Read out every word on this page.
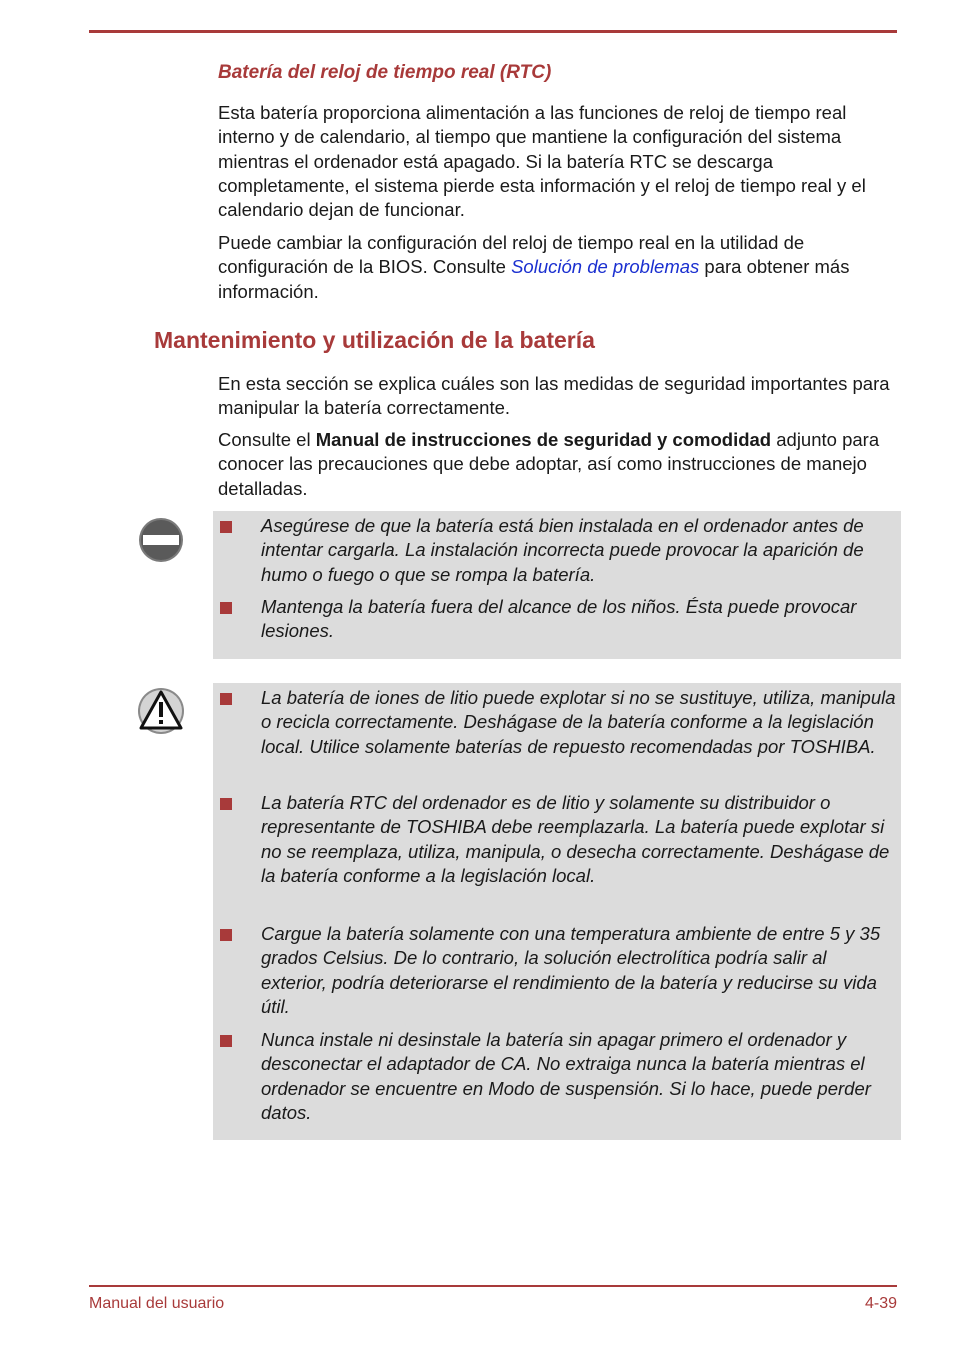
Batería del reloj de tiempo real (RTC)

Esta batería proporciona alimentación a las funciones de reloj de tiempo real interno y de calendario, al tiempo que mantiene la configuración del sistema mientras el ordenador está apagado. Si la batería RTC se descarga completamente, el sistema pierde esta información y el reloj de tiempo real y el calendario dejan de funcionar.

Puede cambiar la configuración del reloj de tiempo real en la utilidad de configuración de la BIOS. Consulte Solución de problemas para obtener más información.

Mantenimiento y utilización de la batería

En esta sección se explica cuáles son las medidas de seguridad importantes para manipular la batería correctamente.

Consulte el Manual de instrucciones de seguridad y comodidad adjunto para conocer las precauciones que debe adoptar, así como instrucciones de manejo detalladas.

Asegúrese de que la batería está bien instalada en el ordenador antes de intentar cargarla. La instalación incorrecta puede provocar la aparición de humo o fuego o que se rompa la batería.

Mantenga la batería fuera del alcance de los niños. Ésta puede provocar lesiones.

La batería de iones de litio puede explotar si no se sustituye, utiliza, manipula o recicla correctamente. Deshágase de la batería conforme a la legislación local. Utilice solamente baterías de repuesto recomendadas por TOSHIBA.

La batería RTC del ordenador es de litio y solamente su distribuidor o representante de TOSHIBA debe reemplazarla. La batería puede explotar si no se reemplaza, utiliza, manipula, o desecha correctamente. Deshágase de la batería conforme a la legislación local.

Cargue la batería solamente con una temperatura ambiente de entre 5 y 35 grados Celsius. De lo contrario, la solución electrolítica podría salir al exterior, podría deteriorarse el rendimiento de la batería y reducirse su vida útil.

Nunca instale ni desinstale la batería sin apagar primero el ordenador y desconectar el adaptador de CA. No extraiga nunca la batería mientras el ordenador se encuentre en Modo de suspensión. Si lo hace, puede perder datos.

Manual del usuario	4-39
